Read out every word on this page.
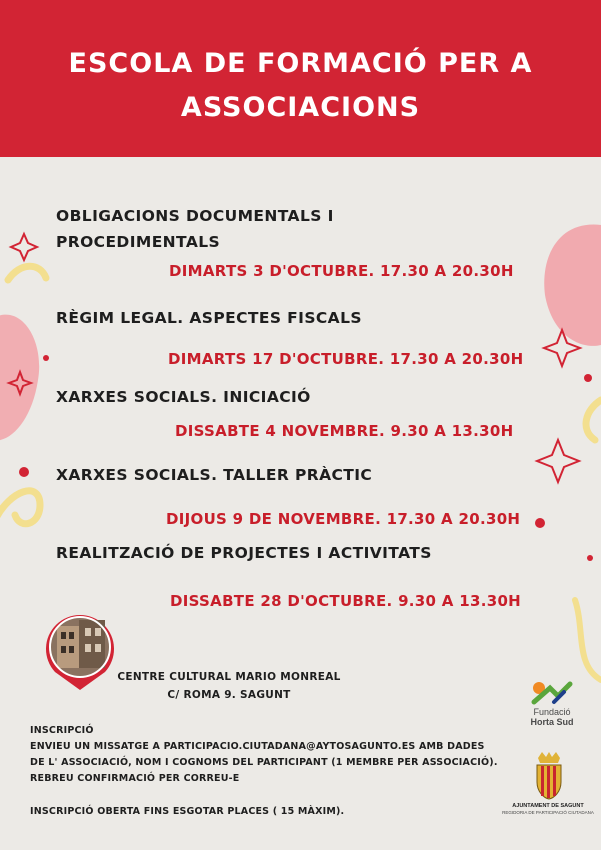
ESCOLA DE FORMACIÓ PER A ASSOCIACIONS
OBLIGACIONS DOCUMENTALS I PROCEDIMENTALS
DIMARTS 3 D'OCTUBRE. 17.30 A 20.30H
RÈGIM LEGAL. ASPECTES FISCALS
DIMARTS 17 D'OCTUBRE. 17.30 A 20.30H
XARXES SOCIALS. INICIACIÓ
DISSABTE 4 NOVEMBRE. 9.30 A 13.30H
XARXES SOCIALS. TALLER PRÀCTIC
DIJOUS 9 DE NOVEMBRE. 17.30 A 20.30H
REALITZACIÓ DE PROJECTES I ACTIVITATS
DISSABTE 28 D'OCTUBRE. 9.30 A 13.30H
CENTRE CULTURAL MARIO MONREAL
C/ ROMA 9. SAGUNT
INSCRIPCIÓ
ENVIEU UN MISSATGE A PARTICIPACIO.CIUTADANA@AYTOSAGUNTO.ES AMB DADES
DE L' ASSOCIACIÓ, NOM I COGNOMS DEL PARTICIPANT (1 MEMBRE PER ASSOCIACIÓ).
REBREU CONFIRMACIÓ PER CORREU-E
INSCRIPCIÓ OBERTA FINS ESGOTAR PLACES ( 15 MÀXIM).
Fundació
Horta Sud
AJUNTAMENT DE SAGUNT
REGIDORIA DE PARTICIPACIÓ CIUTADANA
